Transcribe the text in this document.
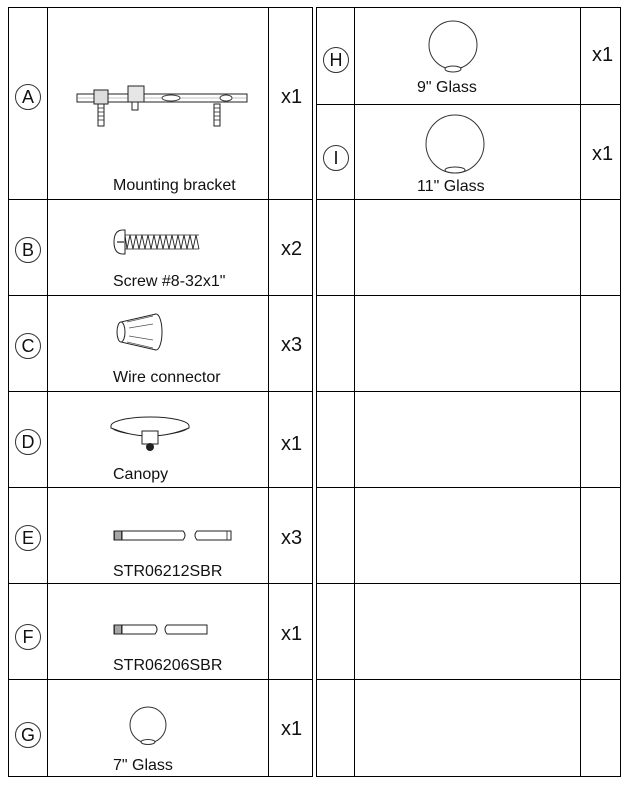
A
Mounting bracket
x1
B
Screw #8-32x1"
x2
C
Wire connector
x3
D
Canopy
x1
E
STR06212SBR
x3
F
STR06206SBR
x1
G
7" Glass
x1
H
9" Glass
x1
I
11" Glass
x1
